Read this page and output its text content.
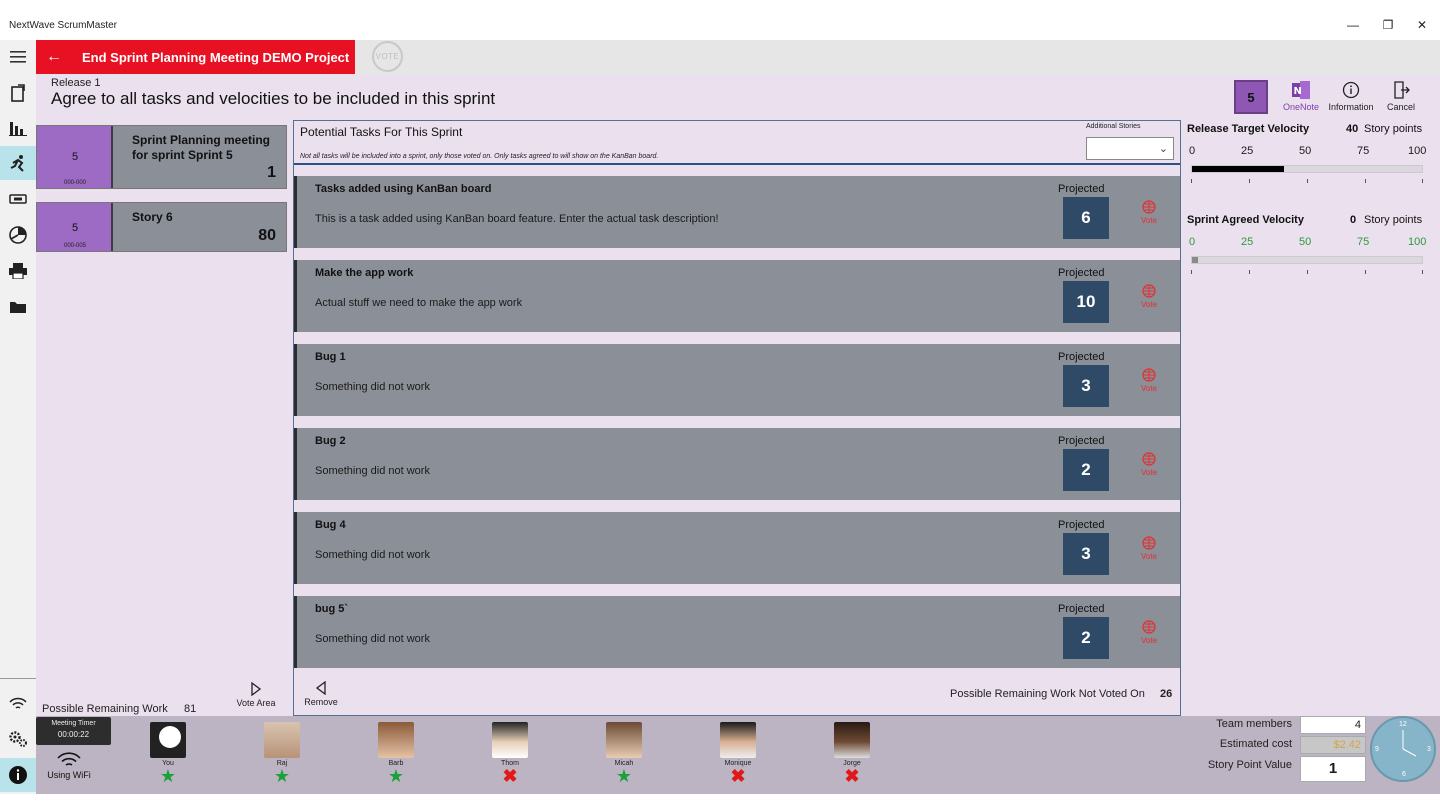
NextWave ScrumMaster	— ❐ ✕
←	End Sprint Planning Meeting DEMO Project	VOTE
Release 1
Agree to all tasks and velocities to be included in this sprint	5	N
OneNote Information Cancel
5
000-000
Sprint Planning meeting for sprint Sprint 5
1
5
000-005
Story 6
80
Possible Remaining Work 81	Vote Area
Potential Tasks For This Sprint
Not all tasks will be included into a sprint, only those voted on. Only tasks agreed to will show on the KanBan board.
Additional Stories
⌄
Tasks added using KanBan board
This is a task added using KanBan board feature. Enter the actual task description!
Projected
6	Vote
Make the app work
Actual stuff we need to make the app work
Projected
10	Vote
Bug 1
Something did not work
Projected
3	Vote
Bug 2
Something did not work
Projected
2	Vote
Bug 4
Something did not work
Projected
3	Vote
bug 5`
Something did not work
Projected
2	Vote
Remove
Possible Remaining Work Not Voted On 26
Release Target Velocity	40 Story points
0	25	50	75	100
Sprint Agreed Velocity	0 Story points
0	25	50	75	100
Meeting Timer
00:00:22
Using WiFi
You
★
Raj
★
Barb
★
Thom
✖
Micah
★
Monique
✖
Jorge
✖
Team members	4
Estimated cost	$2.42
Story Point Value	1
12
3
6
9
